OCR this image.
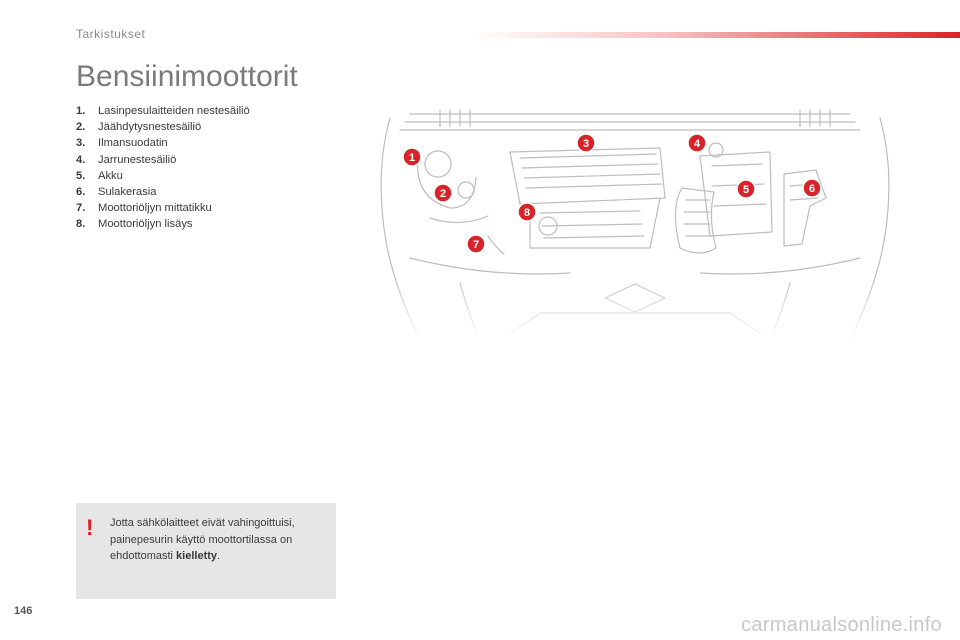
Tarkistukset
Bensiinimoottorit
1.	Lasinpesulaitteiden nestesäiliö
2.	Jäähdytysnestesäiliö
3.	Ilmansuodatin
4.	Jarrunestesäiliö
5.	Akku
6.	Sulakerasia
7.	Moottoriöljyn mittatikku
8.	Moottoriöljyn lisäys
1
2
3	4
5	6
7
8
! Jotta sähkölaitteet eivät vahingoittuisi, painepesurin käyttö moottortilassa on ehdottomasti kielletty.
146
carmanualsonline.info
